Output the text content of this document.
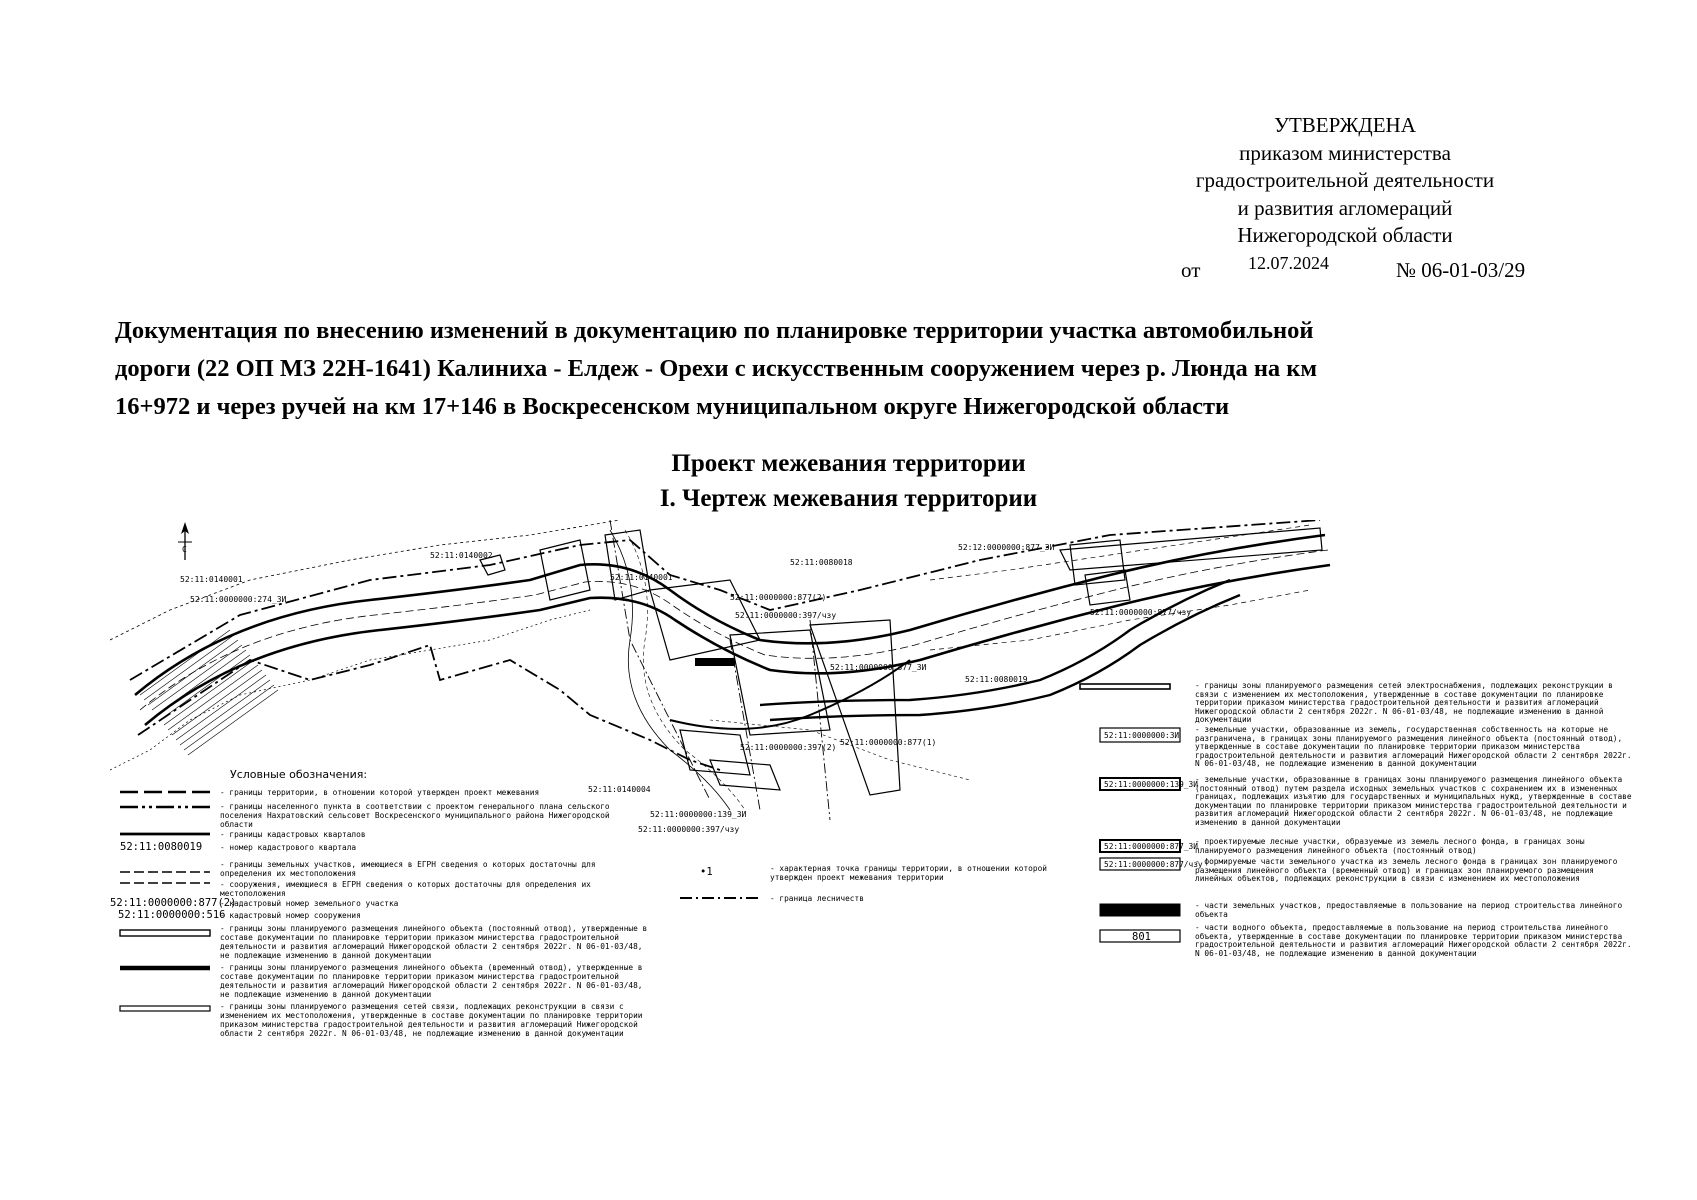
УТВЕРЖДЕНА
приказом министерства
градостроительной деятельности
и развития агломераций
Нижегородской области
от	12.07.2024	№ 06-01-03/29
Документация по внесению изменений в документацию по планировке территории участка автомобильной
дороги (22 ОП МЗ 22Н-1641) Калиниха - Елдеж - Орехи с искусственным сооружением через р. Люнда на км
16+972 и через ручей на км 17+146 в Воскресенском муниципальном округе Нижегородской области
Проект межевания территории
I. Чертеж межевания территории
С
52:11:0140002
52:11:0140001	52:11:0140001
52:11:0080018
52:11:0080019
52:11:0140004
52:11:0000000:274_3И
52:12:0000000:877_3И
52:11:0000000:877/чзу
52:11:0000000:877(2)
52:11:0000000:397/чзу
52:11:0000000:877(1)
52:11:0000000:877_3И
52:11:0000000:139_3И
52:11:0000000:397/чзу
52:11:0000000:397(2)
Условные обозначения:
52:11:0080019
52:11:0000000:877(2)
52:11:0000000:516
- границы территории, в отношении которой утвержден проект межевания
- границы населенного пункта в соответствии с проектом генерального плана сельского поселения Нахратовский сельсовет Воскресенского муниципального района Нижегородской области
- границы кадастровых кварталов
- номер кадастрового квартала
- границы земельных участков, имеющиеся в ЕГРН сведения о которых достаточны для определения их местоположения
- сооружения, имеющиеся в ЕГРН сведения о которых достаточны для определения их местоположения
- кадастровый номер земельного участка
- кадастровый номер сооружения
- границы зоны планируемого размещения линейного объекта (постоянный отвод), утвержденные в составе документации по планировке территории приказом министерства градостроительной деятельности и развития агломераций Нижегородской области 2 сентября 2022г. N 06-01-03/48, не подлежащие изменению в данной документации
- границы зоны планируемого размещения линейного объекта (временный отвод), утвержденные в составе документации по планировке территории приказом министерства градостроительной деятельности и развития агломераций Нижегородской области 2 сентября 2022г. N 06-01-03/48, не подлежащие изменению в данной документации
- границы зоны планируемого размещения сетей связи, подлежащих реконструкции в связи с изменением их местоположения, утвержденные в составе документации по планировке территории приказом министерства градостроительной деятельности и развития агломераций Нижегородской области 2 сентября 2022г. N 06-01-03/48, не подлежащие изменению в данной документации
•1	- характерная точка границы территории, в отношении которой утвержден проект межевания территории
- граница лесничеств
52:11:0000000:3И
52:11:0000000:139_3И
52:11:0000000:877_3И
52:11:0000000:877/чзу
801
- границы зоны планируемого размещения сетей электроснабжения, подлежащих реконструкции в связи с изменением их местоположения, утвержденные в составе документации по планировке территории приказом министерства градостроительной деятельности и развития агломераций Нижегородской области 2 сентября 2022г. N 06-01-03/48, не подлежащие изменению в данной документации
- земельные участки, образованные из земель, государственная собственность на которые не разграничена, в границах зоны планируемого размещения линейного объекта (постоянный отвод), утвержденные в составе документации по планировке территории приказом министерства градостроительной деятельности и развития агломераций Нижегородской области 2 сентября 2022г. N 06-01-03/48, не подлежащие изменению в данной документации
- земельные участки, образованные в границах зоны планируемого размещения линейного объекта (постоянный отвод) путем раздела исходных земельных участков с сохранением их в измененных границах, подлежащих изъятию для государственных и муниципальных нужд, утвержденные в составе документации по планировке территории приказом министерства градостроительной деятельности и развития агломераций Нижегородской области 2 сентября 2022г. N 06-01-03/48, не подлежащие изменению в данной документации
- проектируемые лесные участки, образуемые из земель лесного фонда, в границах зоны планируемого размещения линейного объекта (постоянный отвод)
- формируемые части земельного участка из земель лесного фонда в границах зон планируемого размещения линейного объекта (временный отвод) и границах зон планируемого размещения линейных объектов, подлежащих реконструкции в связи с изменением их местоположения
- части земельных участков, предоставляемые в пользование на период строительства линейного объекта
- части водного объекта, предоставляемые в пользование на период строительства линейного объекта, утвержденные в составе документации по планировке территории приказом министерства градостроительной деятельности и развития агломераций Нижегородской области 2 сентября 2022г. N 06-01-03/48, не подлежащие изменению в данной документации
